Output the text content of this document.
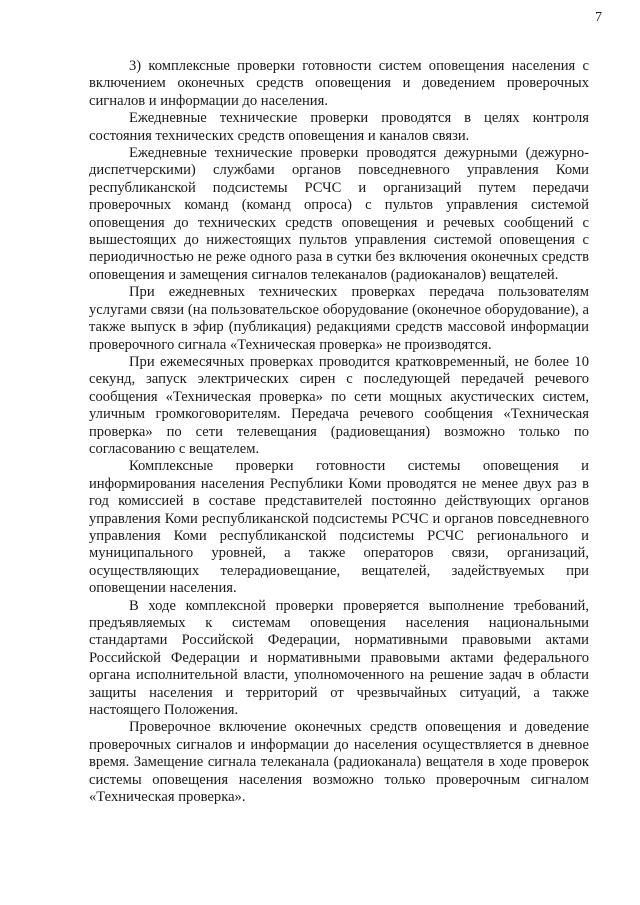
7

3) комплексные проверки готовности систем оповещения населения с включением оконечных средств оповещения и доведением проверочных сигналов и информации до населения.

Ежедневные технические проверки проводятся в целях контроля состояния технических средств оповещения и каналов связи.

Ежедневные технические проверки проводятся дежурными (дежурно-диспетчерскими) службами органов повседневного управления Коми республиканской подсистемы РСЧС и организаций путем передачи проверочных команд (команд опроса) с пультов управления системой оповещения до технических средств оповещения и речевых сообщений с вышестоящих до нижестоящих пультов управления системой оповещения с периодичностью не реже одного раза в сутки без включения оконечных средств оповещения и замещения сигналов телеканалов (радиоканалов) вещателей.

При ежедневных технических проверках передача пользователям услугами связи (на пользовательское оборудование (оконечное оборудование), а также выпуск в эфир (публикация) редакциями средств массовой информации проверочного сигнала «Техническая проверка» не производятся.

При ежемесячных проверках проводится кратковременный, не более 10 секунд, запуск электрических сирен с последующей передачей речевого сообщения «Техническая проверка» по сети мощных акустических систем, уличным громкоговорителям. Передача речевого сообщения «Техническая проверка» по сети телевещания (радиовещания) возможно только по согласованию с вещателем.

Комплексные проверки готовности системы оповещения и информирования населения Республики Коми проводятся не менее двух раз в год комиссией в составе представителей постоянно действующих органов управления Коми республиканской подсистемы РСЧС и органов повседневного управления Коми республиканской подсистемы РСЧС регионального и муниципального уровней, а также операторов связи, организаций, осуществляющих телерадиовещание, вещателей, задействуемых при оповещении населения.

В ходе комплексной проверки проверяется выполнение требований, предъявляемых к системам оповещения населения национальными стандартами Российской Федерации, нормативными правовыми актами Российской Федерации и нормативными правовыми актами федерального органа исполнительной власти, уполномоченного на решение задач в области защиты населения и территорий от чрезвычайных ситуаций, а также настоящего Положения.

Проверочное включение оконечных средств оповещения и доведение проверочных сигналов и информации до населения осуществляется в дневное время. Замещение сигнала телеканала (радиоканала) вещателя в ходе проверок системы оповещения населения возможно только проверочным сигналом «Техническая проверка».
